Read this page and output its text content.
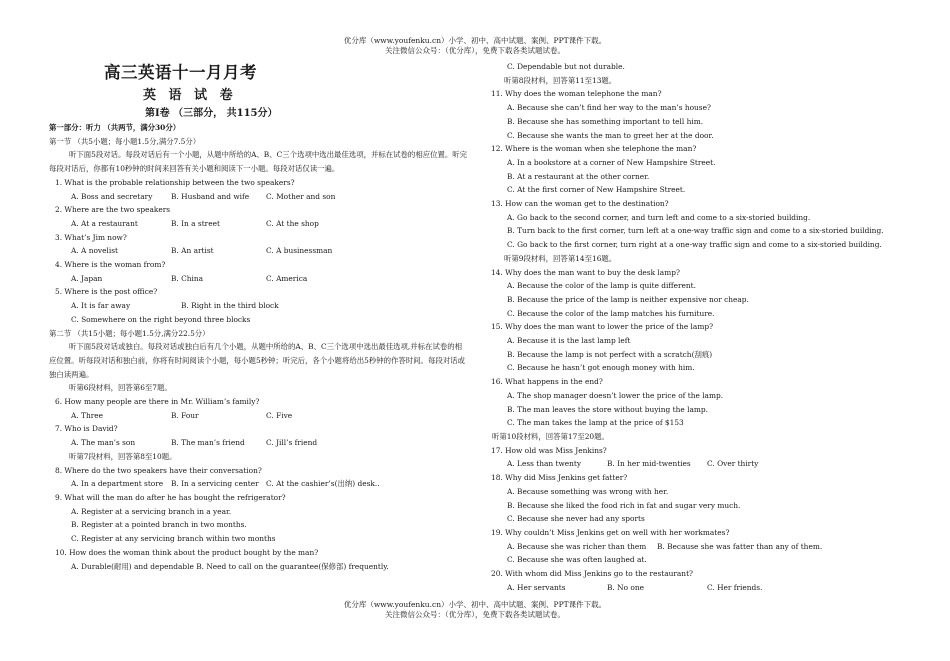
优分库（www.youfenku.cn）小学、初中、高中试题、案例、PPT课件下载。
关注微信公众号：（优分库），免费下载各类试题试卷。
高三英语十一月月考
英 语 试 卷
第Ⅰ卷 （三部分， 共115分）
第一部分：听力 （共两节，满分30分）
第一节 （共5小题；每小题1.5分,满分7.5分）
听下面5段对话。每段对话后有一个小题，从题中所给的A、B、C三个选项中选出最佳选项，并标在试卷的相应位置。听完每段对话后，你都有10秒钟的时间来回答有关小题和阅读下一小题。每段对话仅读一遍。
1. What is the probable relationship between the two speakers?
A. Boss and secretary	B. Husband and wife C. Mother and son
2. Where are the two speakers
A. At a restaurant	B. In a street	C. At the shop
3. What’s Jim now?
A. A novelist	B. An artist	C. A businessman
4. Where is the woman from?
A. Japan	B. China	C. America
5. Where is the post office?
A. It is far away	B. Right in the third block
C. Somewhere on the right beyond three blocks
第二节 （共15小题；每小题1.5分,满分22.5分）
听下面5段对话或独白。每段对话或独白后有几个小题，从题中所给的A、B、C三个选项中选出最佳选项,并标在试卷的相应位置。听每段对话和独白前，你将有时间阅读个小题，每小题5秒钟；听完后，各个小题将给出5秒钟的作答时间。每段对话或独白读两遍。
听第6段材料，回答第6至7题。
6. How many people are there in Mr. William’s family?
A. Three	B. Four	C. Five
7. Who is David?
A. The man’s son	B. The man’s friend	C. Jill’s friend
听第7段材料，回答第8至10题。
8. Where do the two speakers have their conversation?
A. In a department store B. In a servicing center C. At the cashier’s(出纳) desk..
9. What will the man do after he has bought the refrigerator?
A. Register at a servicing branch in a year.
B. Register at a pointed branch in two months.
C. Register at any servicing branch within two months
10. How does the woman think about the product bought by the man?
A. Durable(耐用) and dependable B. Need to call on the guarantee(保修部) frequently.
C. Dependable but not durable.
听第8段材料，回答第11至13题。
11. Why does the woman telephone the man?
A. Because she can’t find her way to the man’s house?
B. Because she has something important to tell him.
C. Because she wants the man to greet her at the door.
12. Where is the woman when she telephone the man?
A. In a bookstore at a corner of New Hampshire Street.
B. At a restaurant at the other corner.
C. At the first corner of New Hampshire Street.
13. How can the woman get to the destination?
A. Go back to the second corner, and turn left and come to a six-storied building.
B. Turn back to the first corner, turn left at a one-way traffic sign and come to a six-storied building.
C. Go back to the first corner, turn right at a one-way traffic sign and come to a six-storied building.
听第9段材料，回答第14至16题。
14. Why does the man want to buy the desk lamp?
A. Because the color of the lamp is quite different.
B. Because the price of the lamp is neither expensive nor cheap.
C. Because the color of the lamp matches his furniture.
15. Why does the man want to lower the price of the lamp?
A. Because it is the last lamp left
B. Because the lamp is not perfect with a scratch(刮痕)
C. Because he hasn’t got enough money with him.
16. What happens in the end?
A. The shop manager doesn’t lower the price of the lamp.
B. The man leaves the store without buying the lamp.
C. The man takes the lamp at the price of $153
听第10段材料，回答第17至20题。
17. How old was Miss Jenkins?
A. Less than twenty	B. In her mid-twenties C. Over thirty
18. Why did Miss Jenkins get fatter?
A. Because something was wrong with her.
B. Because she liked the food rich in fat and sugar very much.
C. Because she never had any sports
19. Why couldn’t Miss Jenkins get on well with her workmates?
A. Because she was richer than them B. Because she was fatter than any of them.
C. Because she was often laughed at.
20. With whom did Miss Jenkins go to the restaurant?
A. Her servants	B. No one	C. Her friends.
优分库（www.youfenku.cn）小学、初中、高中试题、案例、PPT课件下载。
关注微信公众号：（优分库），免费下载各类试题试卷。
